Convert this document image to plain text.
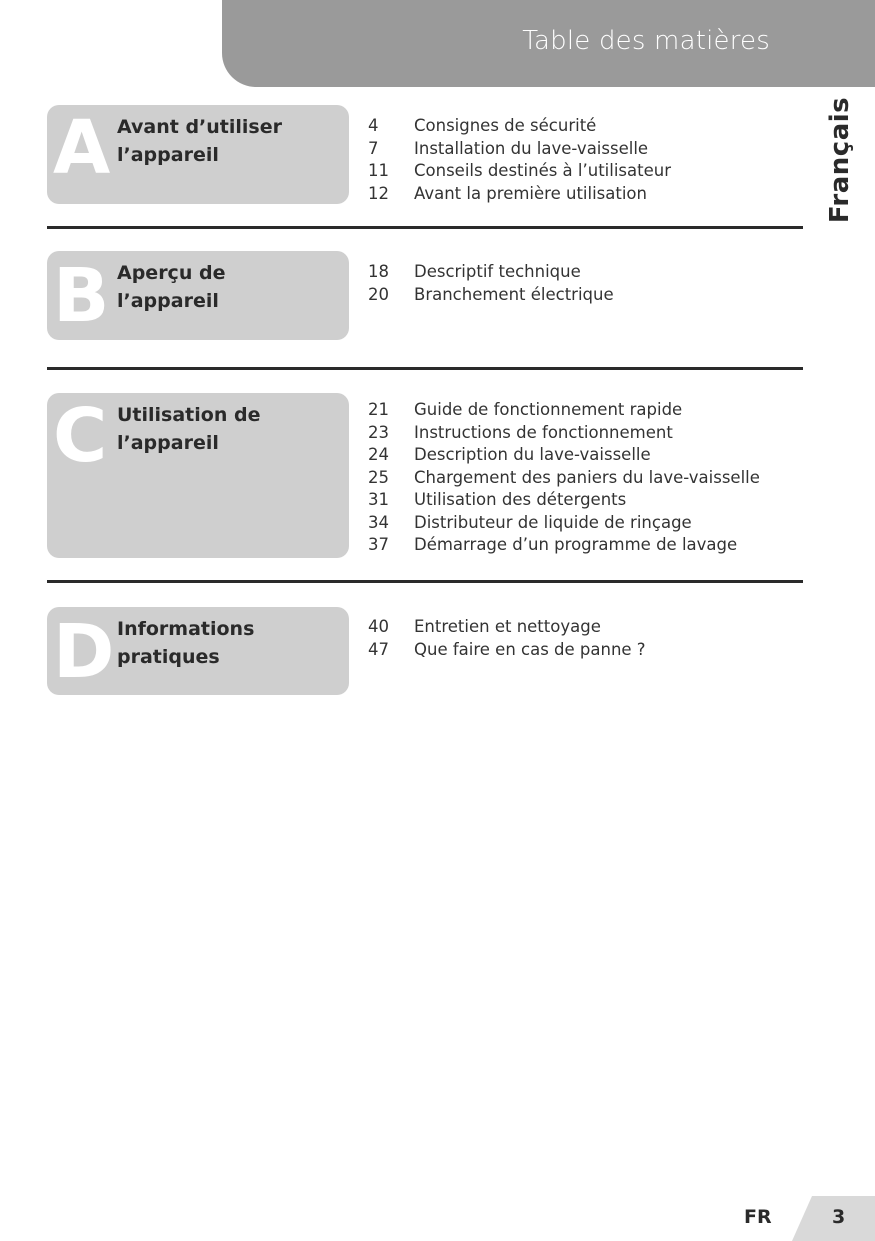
Table des matières
Français
A Avant d’utiliser
l’appareil
4	Consignes de sécurité
7	Installation du lave-vaisselle
11	Conseils destinés à l’utilisateur
12	Avant la première utilisation
B Aperçu de
l’appareil
18	Descriptif technique
20	Branchement électrique
C Utilisation de
l’appareil
21	Guide de fonctionnement rapide
23	Instructions de fonctionnement
24	Description du lave-vaisselle
25	Chargement des paniers du lave-vaisselle
31	Utilisation des détergents
34	Distributeur de liquide de rinçage
37	Démarrage d’un programme de lavage
D Informations
pratiques
40	Entretien et nettoyage
47	Que faire en cas de panne ?
FR	3
